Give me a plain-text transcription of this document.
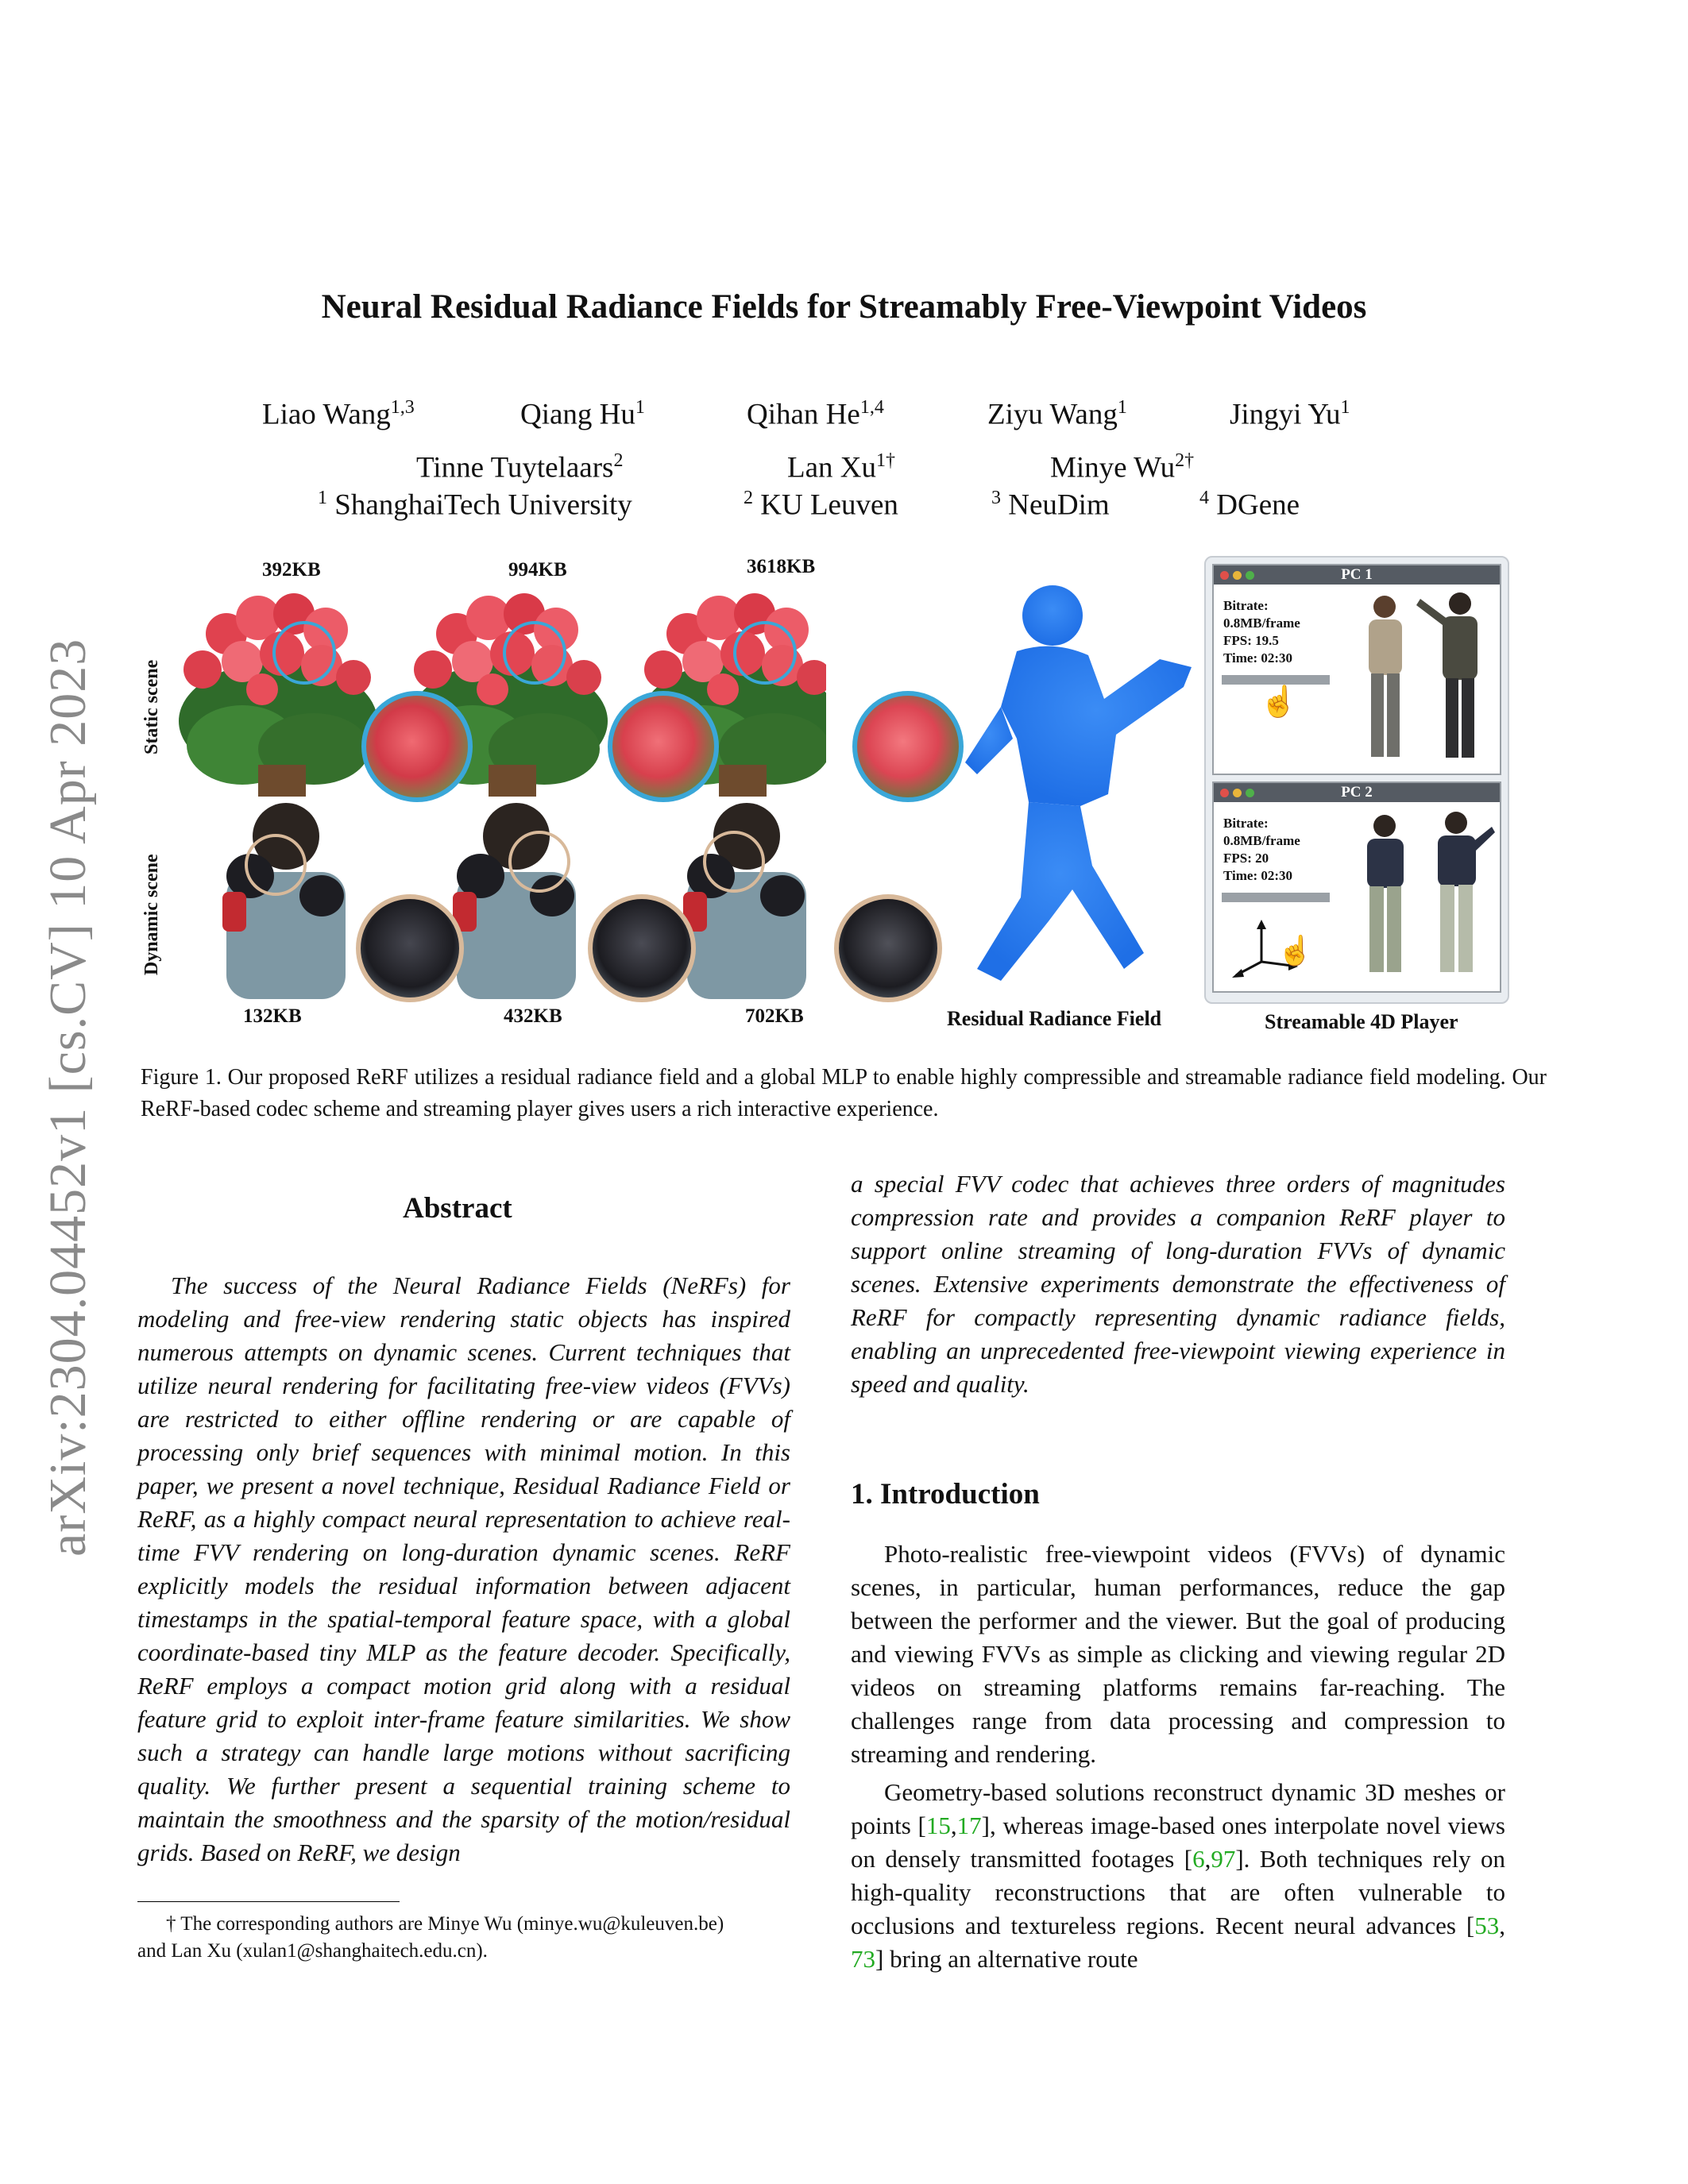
arXiv:2304.04452v1 [cs.CV] 10 Apr 2023
Neural Residual Radiance Fields for Streamably Free-Viewpoint Videos
Liao Wang$^{1,3}$	Qiang Hu$^1$	Qihan He$^{1,4}$	Ziyu Wang$^1$	Jingyi Yu$^1$
Tinne Tuytelaars$^2$	Lan $Xu^{1\dagger}$	Minye $Wu^{2\dagger}$
$^1$ ShanghaiTech University	$^2$ KU Leuven	$^3$ NeuDim	$^4$ DGene
392KB	994KB	3618KB
Static scene
Dynamic scene
132KB	432KB	702KB	Residual Radiance Field
PC 1
Bitrate:
0.8MB/frame
FPS: 19.5
Time: 02:30
☝
PC 2
Bitrate:
0.8MB/frame
FPS: 20
Time: 02:30
☝
Streamable 4D Player
Figure 1. Our proposed ReRF utilizes a residual radiance field and a global MLP to enable highly compressible and streamable radiance field modeling. Our ReRF-based codec scheme and streaming player gives users a rich interactive experience.
Abstract
The success of the Neural Radiance Fields (NeRFs) for modeling and free-view rendering static objects has inspired numerous attempts on dynamic scenes. Current techniques that utilize neural rendering for facilitating free-view videos (FVVs) are restricted to either offline rendering or are capable of processing only brief sequences with minimal motion. In this paper, we present a novel technique, Residual Radiance Field or ReRF, as a highly compact neural representation to achieve real-time FVV rendering on long-duration dynamic scenes. ReRF explicitly models the residual information between adjacent timestamps in the spatial-temporal feature space, with a global coordinate-based tiny MLP as the feature decoder. Specifically, ReRF employs a compact motion grid along with a residual feature grid to exploit inter-frame feature similarities. We show such a strategy can handle large motions without sacrificing quality. We further present a sequential training scheme to maintain the smoothness and the sparsity of the motion/residual grids. Based on ReRF, we design
† The corresponding authors are Minye Wu (minye.wu@kuleuven.be)
and Lan Xu (xulan1@shanghaitech.edu.cn).
a special FVV codec that achieves three orders of magnitudes compression rate and provides a companion ReRF player to support online streaming of long-duration FVVs of dynamic scenes. Extensive experiments demonstrate the effectiveness of ReRF for compactly representing dynamic radiance fields, enabling an unprecedented free-viewpoint viewing experience in speed and quality.
1. Introduction

Photo-realistic free-viewpoint videos (FVVs) of dynamic scenes, in particular, human performances, reduce the gap between the performer and the viewer. But the goal of producing and viewing FVVs as simple as clicking and viewing regular 2D videos on streaming platforms remains far-reaching. The challenges range from data processing and compression to streaming and rendering.

Geometry-based solutions reconstruct dynamic 3D meshes or points [15,17], whereas image-based ones interpolate novel views on densely transmitted footages [6,97]. Both techniques rely on high-quality reconstructions that are often vulnerable to occlusions and textureless regions. Recent neural advances [53, 73] bring an alternative route
